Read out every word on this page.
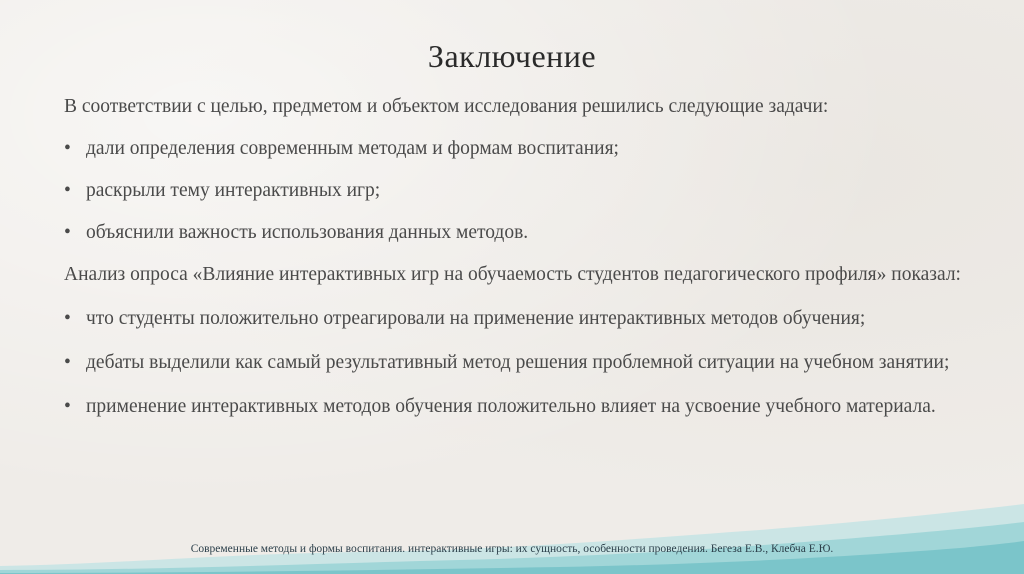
Заключение

В соответствии с целью, предметом и объектом исследования решились следующие задачи:

• дали определения современным методам и формам воспитания;

• раскрыли тему интерактивных игр;

• объяснили важность использования данных методов.

Анализ опроса «Влияние интерактивных игр на обучаемость студентов педагогического профиля» показал:

• что студенты положительно отреагировали на применение интерактивных методов обучения;

• дебаты выделили как самый результативный метод решения проблемной ситуации на учебном занятии;

• применение интерактивных методов обучения положительно влияет на усвоение учебного материала.

Современные методы и формы воспитания. интерактивные игры: их сущность, особенности проведения. Бегеза Е.В., Клебча Е.Ю.
